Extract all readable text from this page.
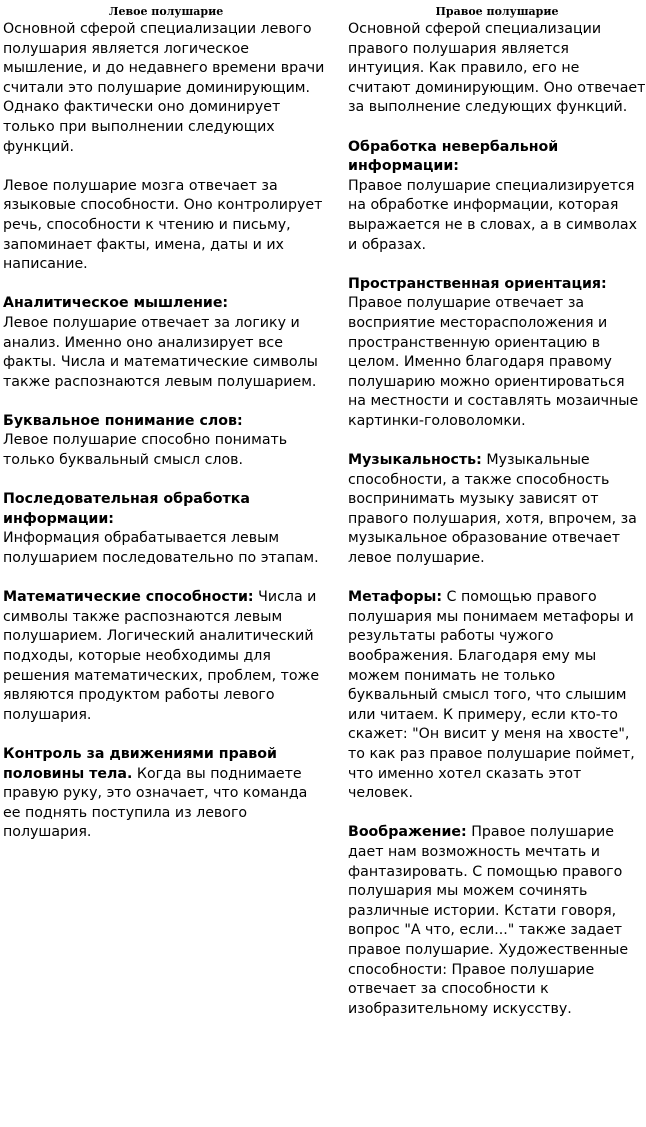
Левое полушарие

Основной сферой специализации левого полушария является логическое мышление, и до недавнего времени врачи считали это полушарие доминирующим. Однако фактически оно доминирует только при выполнении следующих функций.

Левое полушарие мозга отвечает за языковые способности. Оно контролирует речь, способности к чтению и письму, запоминает факты, имена, даты и их написание.

Аналитическое мышление:
Левое полушарие отвечает за логику и анализ. Именно оно анализирует все факты. Числа и математические символы также распознаются левым полушарием.

Буквальное понимание слов:
Левое полушарие способно понимать только буквальный смысл слов.

Последовательная обработка информации:
Информация обрабатывается левым полушарием последовательно по этапам.

Математические способности: Числа и символы также распознаются левым полушарием. Логический аналитический подходы, которые необходимы для решения математических, проблем, тоже являются продуктом работы левого полушария.

Контроль за движениями правой половины тела. Когда вы поднимаете правую руку, это означает, что команда ее поднять поступила из левого полушария.

Правое полушарие

Основной сферой специализации правого полушария является интуиция. Как правило, его не считают доминирующим. Оно отвечает за выполнение следующих функций.

Обработка невербальной информации:
Правое полушарие специализируется на обработке информации, которая выражается не в словах, а в символах и образах.

Пространственная ориентация: Правое полушарие отвечает за восприятие месторасположения и пространственную ориентацию в целом. Именно благодаря правому полушарию можно ориентироваться на местности и составлять мозаичные картинки-головоломки.

Музыкальность: Музыкальные способности, а также способность воспринимать музыку зависят от правого полушария, хотя, впрочем, за музыкальное образование отвечает левое полушарие.

Метафоры: С помощью правого полушария мы понимаем метафоры и результаты работы чужого воображения. Благодаря ему мы можем понимать не только буквальный смысл того, что слышим или читаем. К примеру, если кто-то скажет: "Он висит у меня на хвосте", то как раз правое полушарие поймет, что именно хотел сказать этот человек.

Воображение: Правое полушарие дает нам возможность мечтать и фантазировать. С помощью правого полушария мы можем сочинять различные истории. Кстати говоря, вопрос "А что, если..." также задает правое полушарие. Художественные способности: Правое полушарие отвечает за способности к изобразительному искусству.
